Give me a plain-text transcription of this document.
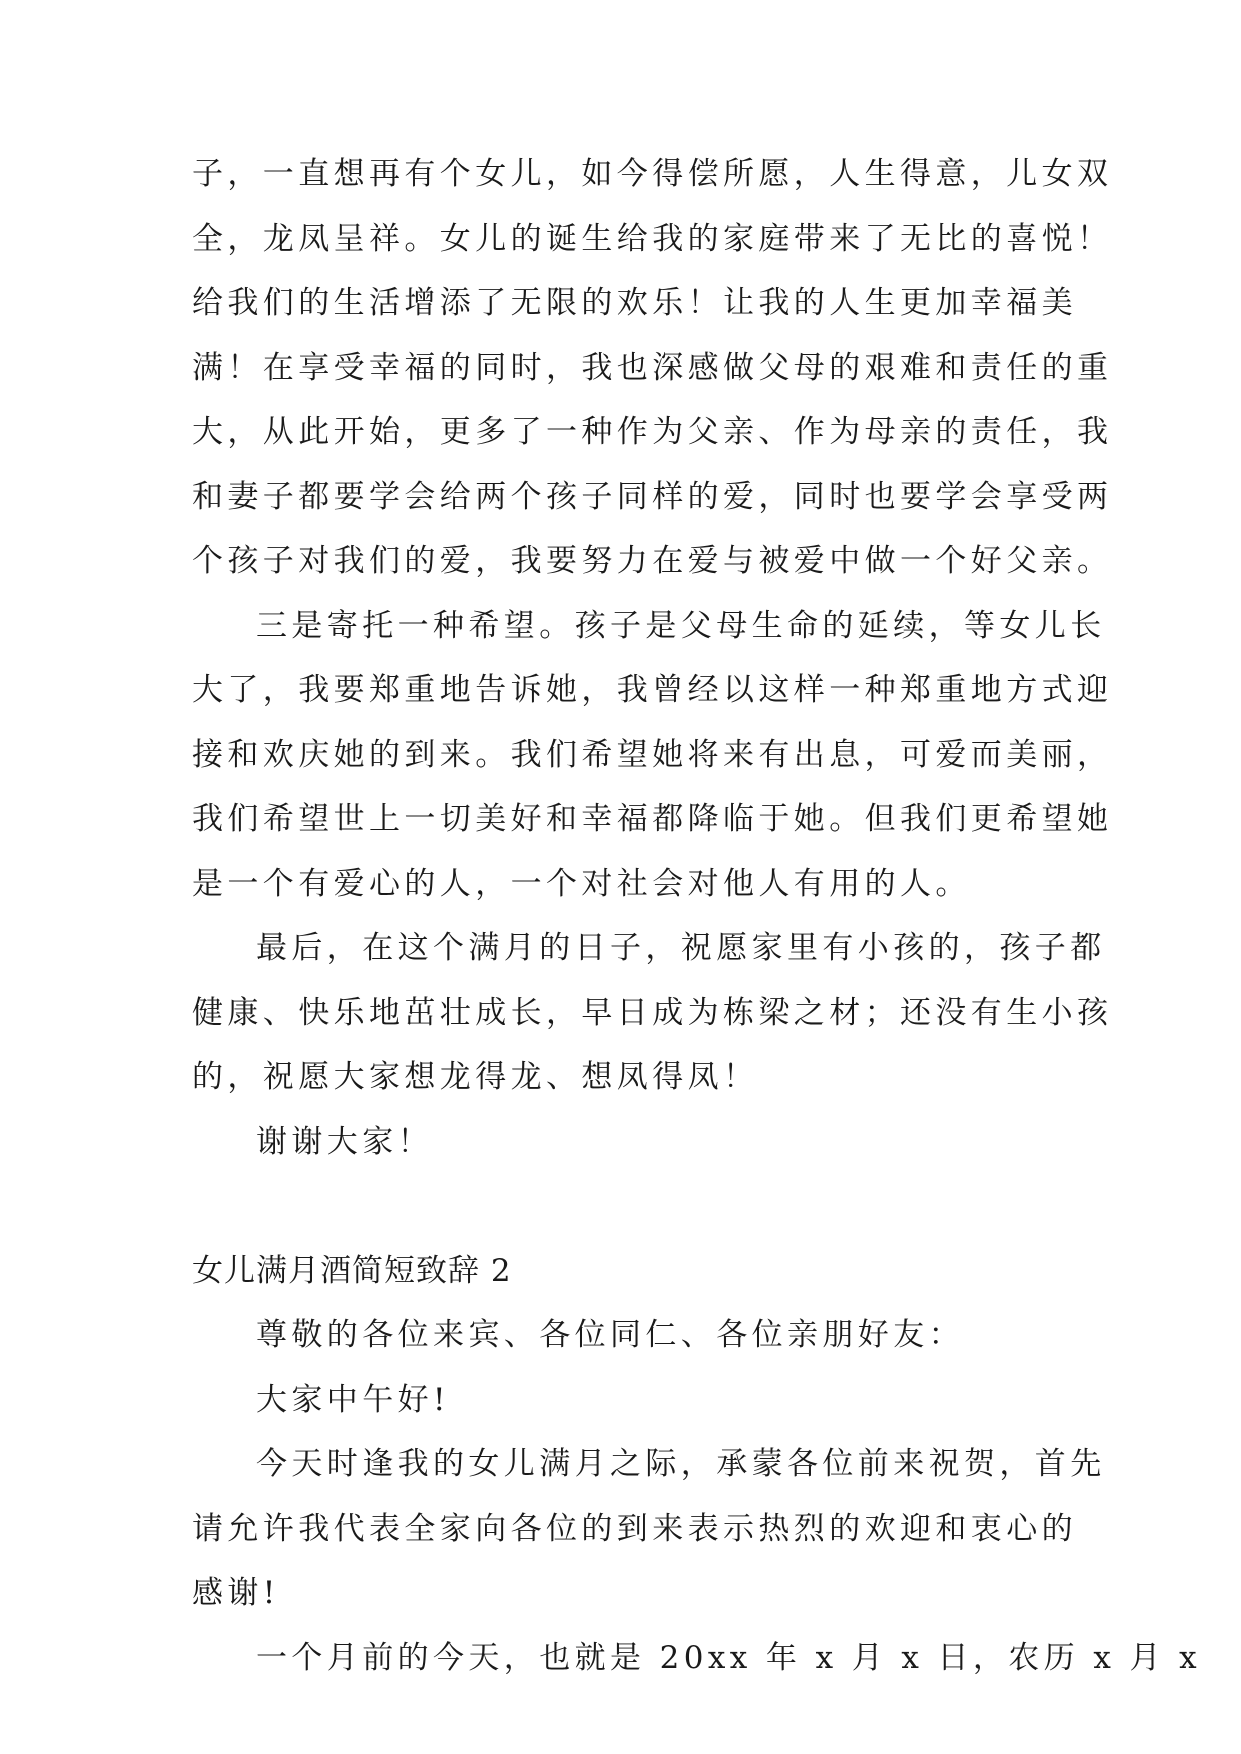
子，一直想再有个女儿，如今得偿所愿，人生得意，儿女双
全，龙凤呈祥。女儿的诞生给我的家庭带来了无比的喜悦！
给我们的生活增添了无限的欢乐！让我的人生更加幸福美
满！在享受幸福的同时，我也深感做父母的艰难和责任的重
大，从此开始，更多了一种作为父亲、作为母亲的责任，我
和妻子都要学会给两个孩子同样的爱，同时也要学会享受两
个孩子对我们的爱，我要努力在爱与被爱中做一个好父亲。
三是寄托一种希望。孩子是父母生命的延续，等女儿长
大了，我要郑重地告诉她，我曾经以这样一种郑重地方式迎
接和欢庆她的到来。我们希望她将来有出息，可爱而美丽，
我们希望世上一切美好和幸福都降临于她。但我们更希望她
是一个有爱心的人，一个对社会对他人有用的人。
最后，在这个满月的日子，祝愿家里有小孩的，孩子都
健康、快乐地茁壮成长，早日成为栋梁之材；还没有生小孩
的，祝愿大家想龙得龙、想凤得凤！
谢谢大家！
女儿满月酒简短致辞 2
尊敬的各位来宾、各位同仁、各位亲朋好友：
大家中午好!
今天时逢我的女儿满月之际，承蒙各位前来祝贺，首先
请允许我代表全家向各位的到来表示热烈的欢迎和衷心的
感谢!
一个月前的今天，也就是 20xx 年 x 月 x 日，农历 x 月 x
